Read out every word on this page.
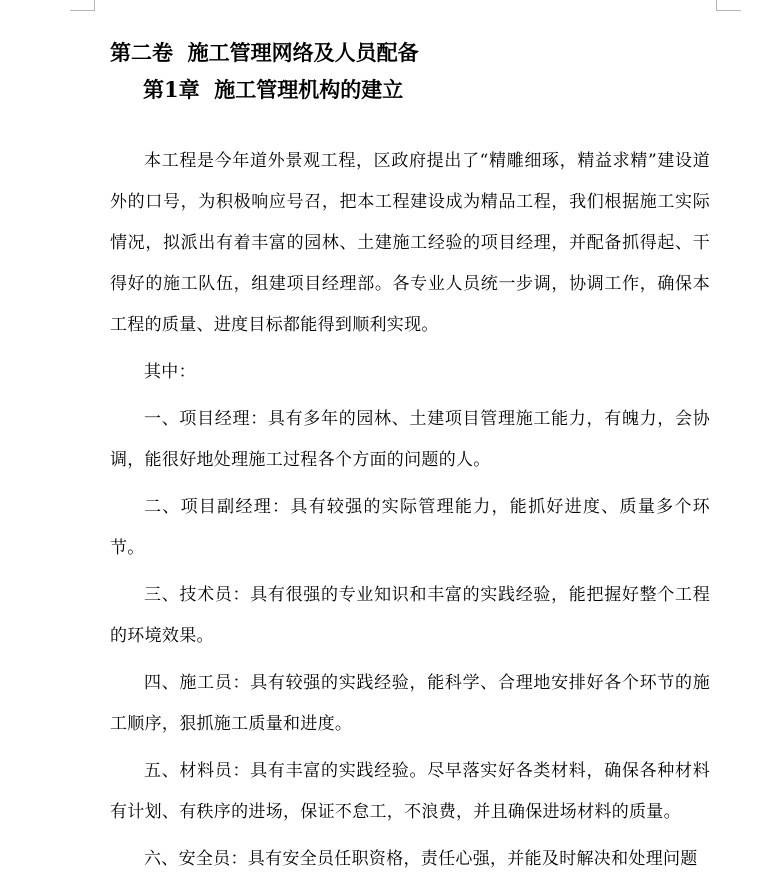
第二卷  施工管理网络及人员配备
第1章  施工管理机构的建立

本工程是今年道外景观工程，区政府提出了“精雕细琢，精益求精”建设道外的口号，为积极响应号召，把本工程建设成为精品工程，我们根据施工实际情况，拟派出有着丰富的园林、土建施工经验的项目经理，并配备抓得起、干得好的施工队伍，组建项目经理部。各专业人员统一步调，协调工作，确保本工程的质量、进度目标都能得到顺利实现。

其中：

一、项目经理：具有多年的园林、土建项目管理施工能力，有魄力，会协调，能很好地处理施工过程各个方面的问题的人。

二、项目副经理：具有较强的实际管理能力，能抓好进度、质量多个环节。

三、技术员：具有很强的专业知识和丰富的实践经验，能把握好整个工程的环境效果。

四、施工员：具有较强的实践经验，能科学、合理地安排好各个环节的施工顺序，狠抓施工质量和进度。

五、材料员：具有丰富的实践经验。尽早落实好各类材料，确保各种材料有计划、有秩序的进场，保证不怠工，不浪费，并且确保进场材料的质量。

六、安全员：具有安全员任职资格，责任心强，并能及时解决和处理问题
